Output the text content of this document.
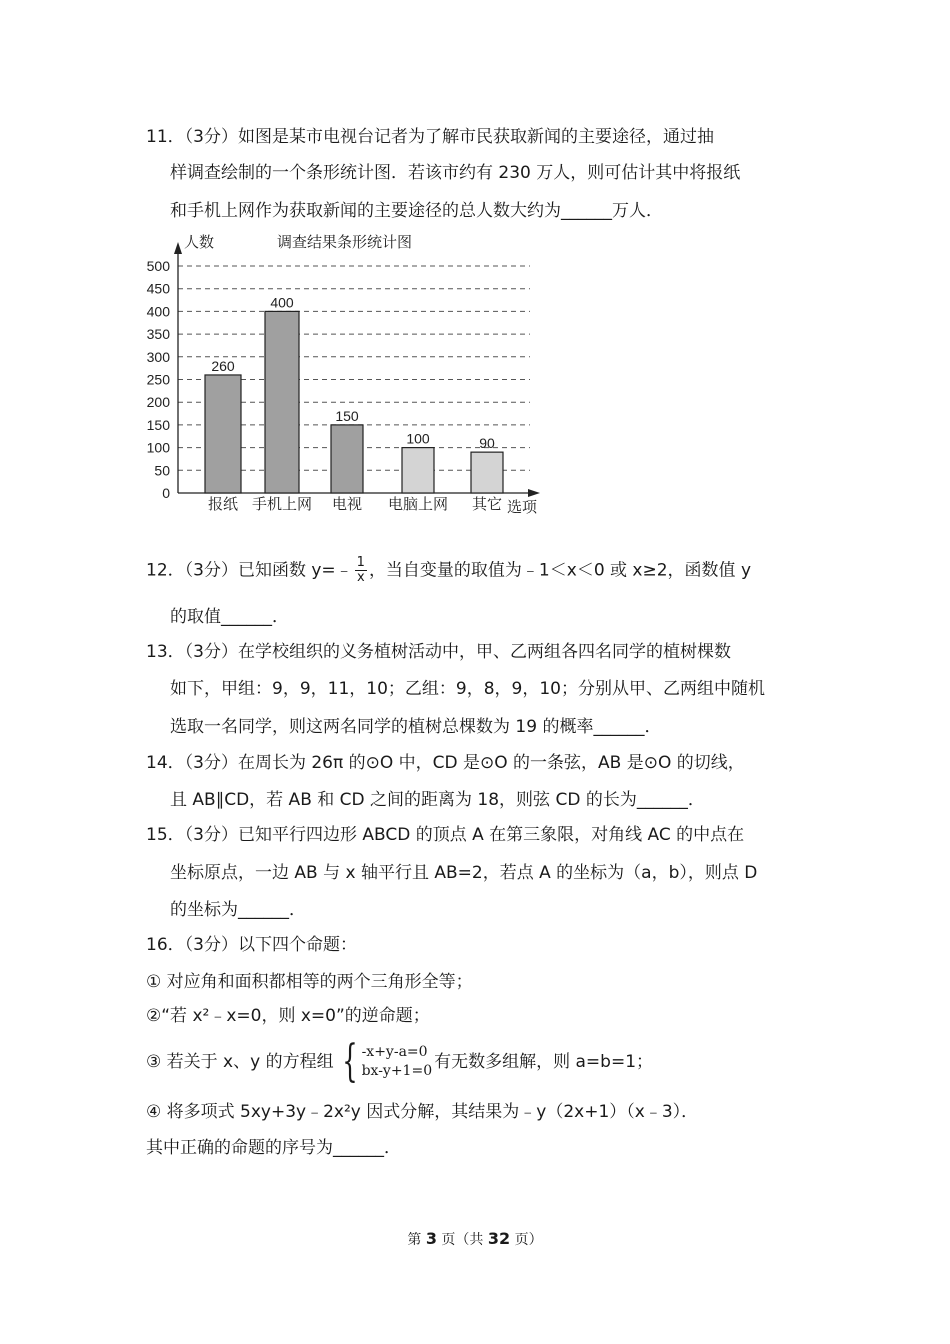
11．（3分）如图是某市电视台记者为了解市民获取新闻的主要途径，通过抽
样调查绘制的一个条形统计图．若该市约有 230 万人，则可估计其中将报纸
和手机上网作为获取新闻的主要途径的总人数大约为______万人．
0
50
100
150
200
250
300
350
400
450
500
人数	调查结果条形统计图
选项
260
报纸
400
手机上网
150
电视
100
电脑上网
90
其它
12．（3分）已知函数 y=﹣ $\frac{1}{x}$ ，当自变量的取值为﹣1＜x＜0 或 x≥2，函数值 y
的取值______．
13．（3分）在学校组织的义务植树活动中，甲、乙两组各四名同学的植树棵数
如下，甲组：9，9，11，10；乙组：9，8，9，10；分别从甲、乙两组中随机
选取一名同学，则这两名同学的植树总棵数为 19 的概率______．
14．（3分）在周长为 26π 的⊙O 中，CD 是⊙O 的一条弦，AB 是⊙O 的切线，
且 AB∥CD，若 AB 和 CD 之间的距离为 18，则弦 CD 的长为______．
15．（3分）已知平行四边形 ABCD 的顶点 A 在第三象限，对角线 AC 的中点在
坐标原点，一边 AB 与 x 轴平行且 AB=2，若点 A 的坐标为（a，b），则点 D
的坐标为______．
16．（3分）以下四个命题：
① 对应角和面积都相等的两个三角形全等；
②“若 x²﹣x=0，则 x=0”的逆命题；
③ 若关于 x、y 的方程组 { -x+y-a=0
bx-y+1=0 有无数多组解，则 a=b=1；
④ 将多项式 5xy+3y﹣2x²y 因式分解，其结果为﹣y（2x+1）（x﹣3）．
其中正确的命题的序号为______．
第 3 页（共 32 页）
